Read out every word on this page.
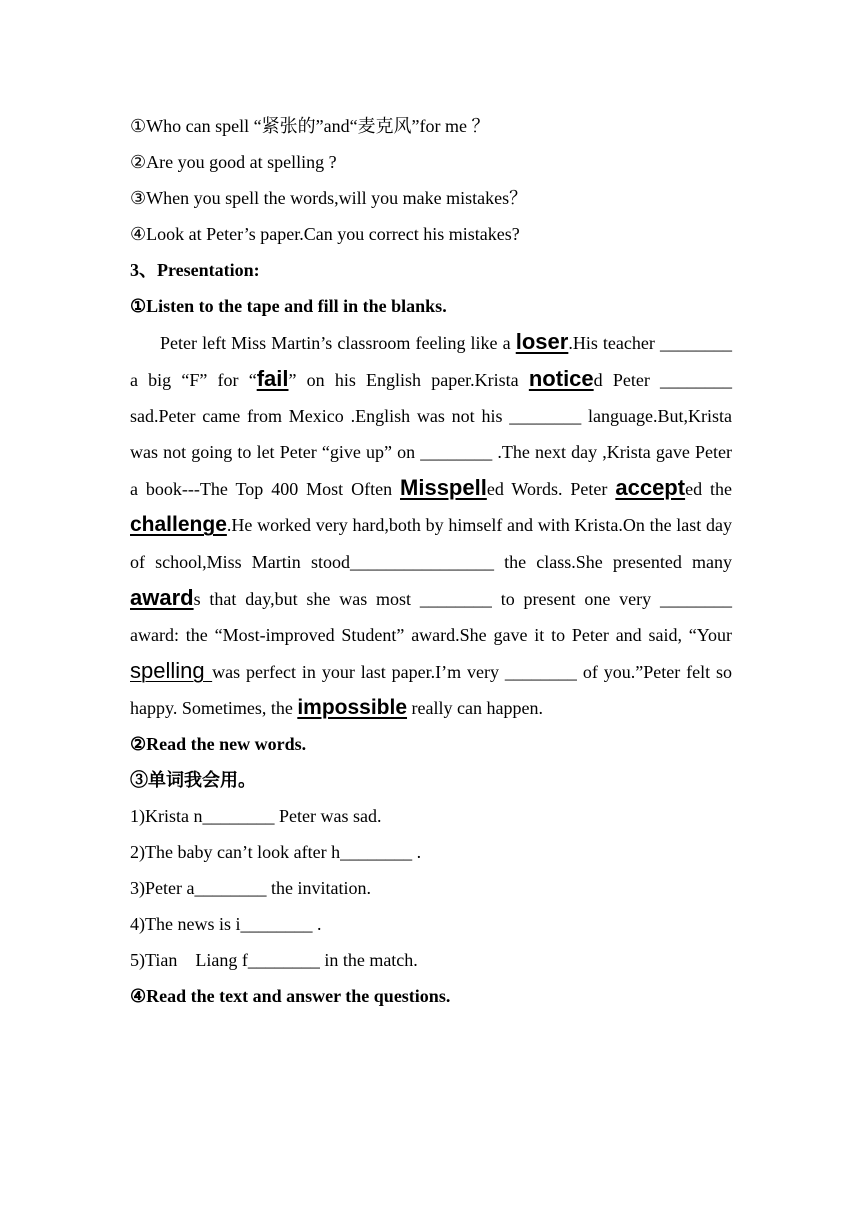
①Who can spell “紧张的”and“麦克风”for me ？
②Are you good at spelling ?
③When you spell the words,will you make mistakes？
④Look at Peter’s paper.Can you correct his mistakes?
3、Presentation:
①Listen to the tape and fill in the blanks.
Peter left Miss Martin’s classroom feeling like a loser.His teacher ________ a big “F” for “fail” on his English paper.Krista noticed Peter ________ sad.Peter came from Mexico .English was not his ________ language.But,Krista was not going to let Peter “give up” on ________ .The next day ,Krista gave Peter a book---The Top 400 Most Often Misspelled Words. Peter accepted the challenge.He worked very hard,both by himself and with Krista.On the last day of school,Miss Martin stood________________ the class.She presented many awards that day,but she was most ________ to present one very ________ award: the “Most-improved Student” award.She gave it to Peter and said, “Your spelling was perfect in your last paper.I’m very ________ of you.”Peter felt so happy. Sometimes, the impossible really can happen.
②Read the new words.
③单词我会用。
1)Krista n________ Peter was sad.
2)The baby can’t look after h________ .
3)Peter a________ the invitation.
4)The news is i________ .
5)Tian    Liang f________ in the match.
④Read the text and answer the questions.
